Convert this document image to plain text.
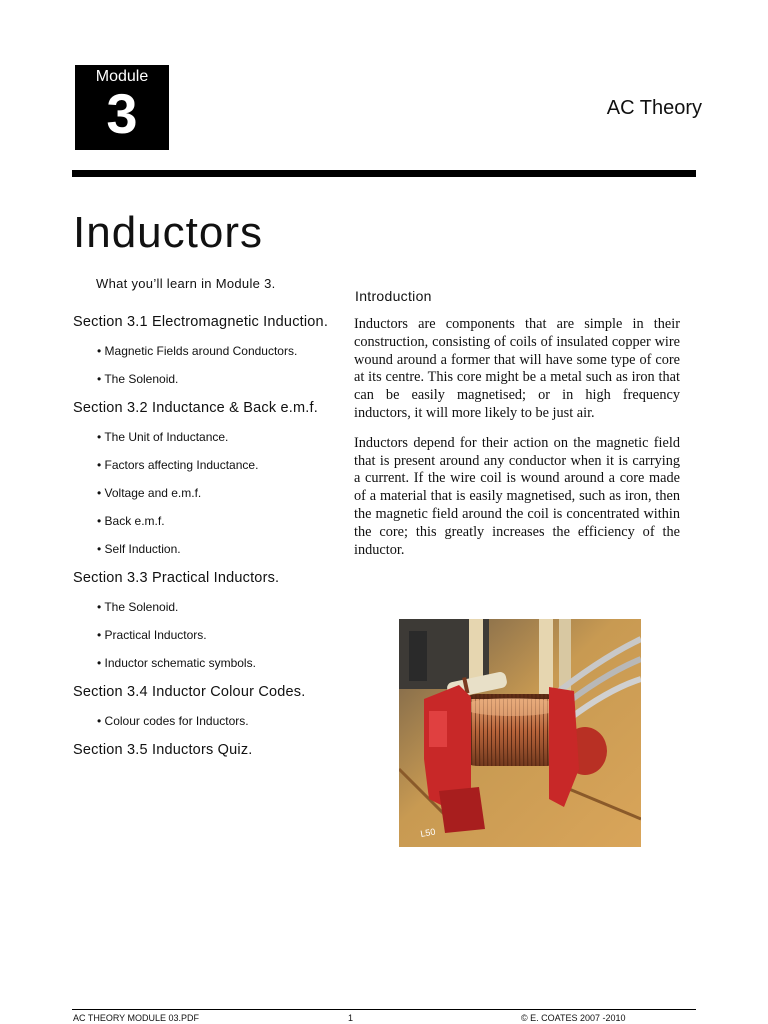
Module
3	AC Theory
Inductors
What you’ll learn in Module 3.
Section 3.1 Electromagnetic Induction.
• Magnetic Fields around Conductors.
• The Solenoid.
Section 3.2 Inductance & Back e.m.f.
• The Unit of Inductance.
• Factors affecting Inductance.
• Voltage and e.m.f.
• Back e.m.f.
• Self Induction.
Section 3.3 Practical Inductors.
• The Solenoid.
• Practical Inductors.
• Inductor schematic symbols.
Section 3.4 Inductor Colour Codes.
• Colour codes for Inductors.
Section 3.5 Inductors Quiz.
Introduction

Inductors are components that are simple in their construction, consisting of coils of insulated copper wire wound around a former that will have some type of core at its centre. This core might be a metal such as iron that can be easily magnetised; or in high frequency inductors, it will more likely to be just air.

Inductors depend for their action on the magnetic field that is present around any conductor when it is carrying a current. If the wire coil is wound around a core made of a material that is easily magnetised, such as iron, then the magnetic field around the coil is concentrated within the core; this greatly increases the efficiency of the inductor.

L50
AC THEORY MODULE 03.PDF	1	© E. COATES 2007 -2010
